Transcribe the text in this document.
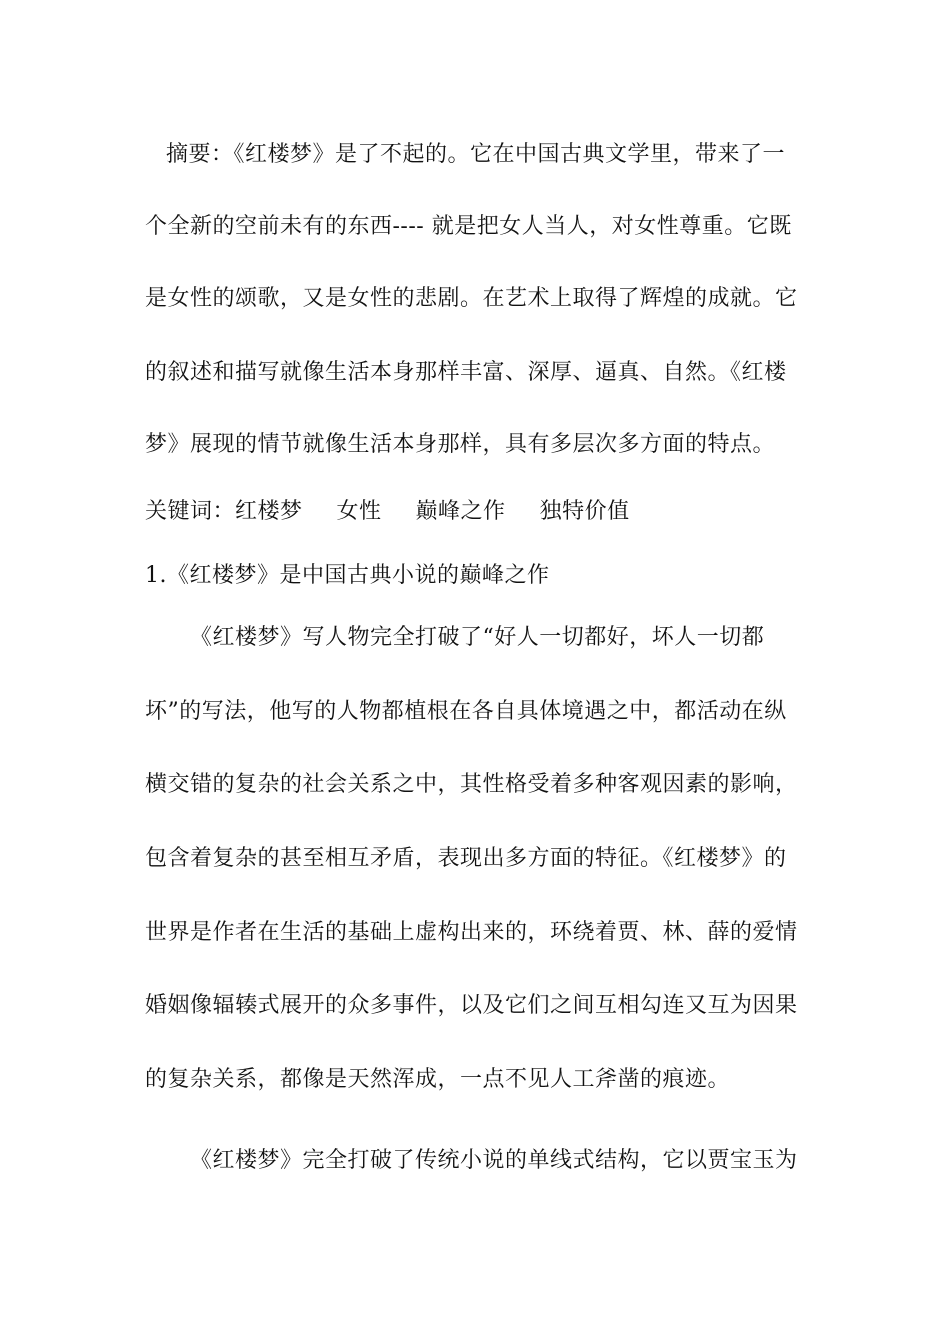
摘要：《红楼梦》是了不起的。它在中国古典文学里，带来了一
个全新的空前未有的东西---- 就是把女人当人，对女性尊重。它既
是女性的颂歌，又是女性的悲剧。在艺术上取得了辉煌的成就。它
的叙述和描写就像生活本身那样丰富、深厚、逼真、自然。《红楼
梦》展现的情节就像生活本身那样，具有多层次多方面的特点。
关键词：红楼梦 女性 巅峰之作 独特价值
1.《红楼梦》是中国古典小说的巅峰之作
《红楼梦》写人物完全打破了“好人一切都好，坏人一切都
坏”的写法，他写的人物都植根在各自具体境遇之中，都活动在纵
横交错的复杂的社会关系之中，其性格受着多种客观因素的影响，
包含着复杂的甚至相互矛盾，表现出多方面的特征。《红楼梦》的
世界是作者在生活的基础上虚构出来的，环绕着贾、林、薛的爱情
婚姻像辐辏式展开的众多事件，以及它们之间互相勾连又互为因果
的复杂关系，都像是天然浑成，一点不见人工斧凿的痕迹。
《红楼梦》完全打破了传统小说的单线式结构，它以贾宝玉为
